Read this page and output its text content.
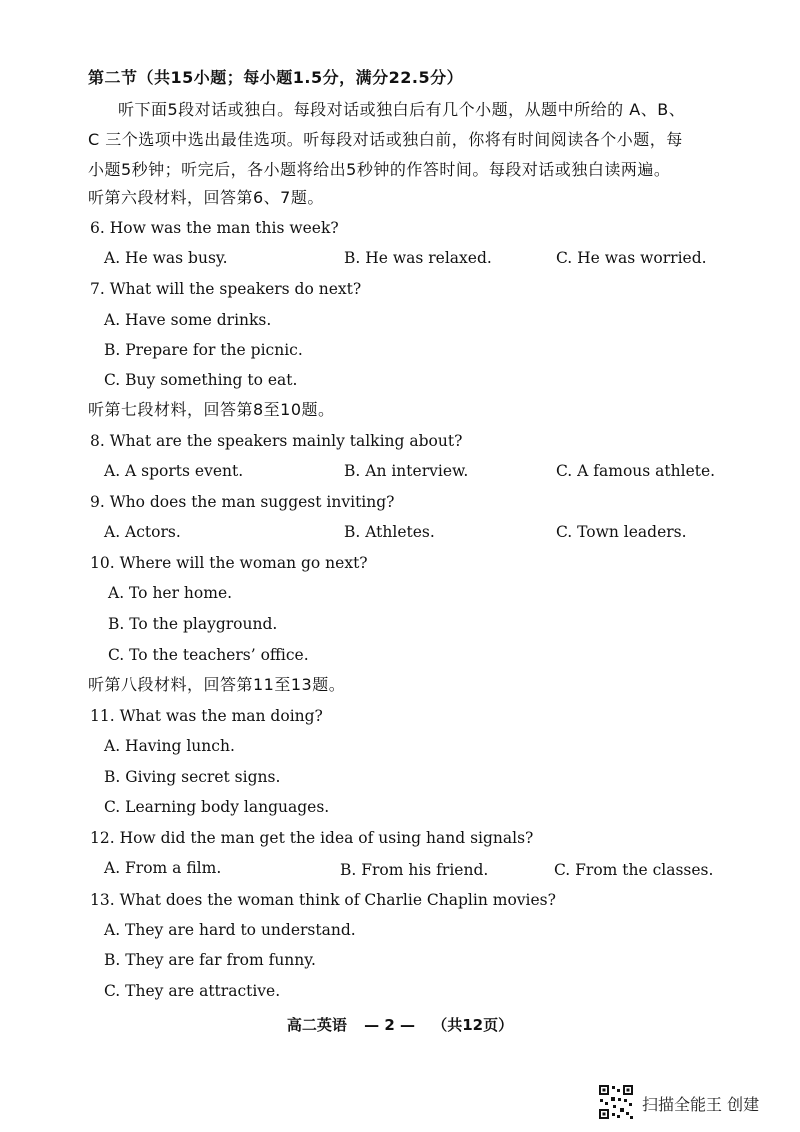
第二节（共15小题；每小题1.5分，满分22.5分）
听下面5段对话或独白。每段对话或独白后有几个小题，从题中所给的 A、B、
C 三个选项中选出最佳选项。听每段对话或独白前，你将有时间阅读各个小题，每
小题5秒钟；听完后，各小题将给出5秒钟的作答时间。每段对话或独白读两遍。
听第六段材料，回答第6、7题。
6. How was the man this week?
A. He was busy.	B. He was relaxed.	C. He was worried.
7. What will the speakers do next?
A. Have some drinks.
B. Prepare for the picnic.
C. Buy something to eat.
听第七段材料，回答第8至10题。
8. What are the speakers mainly talking about?
A. A sports event.	B. An interview.	C. A famous athlete.
9. Who does the man suggest inviting?
A. Actors.	B. Athletes.	C. Town leaders.
10. Where will the woman go next?
A. To her home.
B. To the playground.
C. To the teachers’ office.
听第八段材料，回答第11至13题。
11. What was the man doing?
A. Having lunch.
B. Giving secret signs.
C. Learning body languages.
12. How did the man get the idea of using hand signals?
A. From a film.	B. From his friend.	C. From the classes.
13. What does the woman think of Charlie Chaplin movies?
A. They are hard to understand.
B. They are far from funny.
C. They are attractive.
高二英语 — 2 — （共12页）
扫描全能王 创建
